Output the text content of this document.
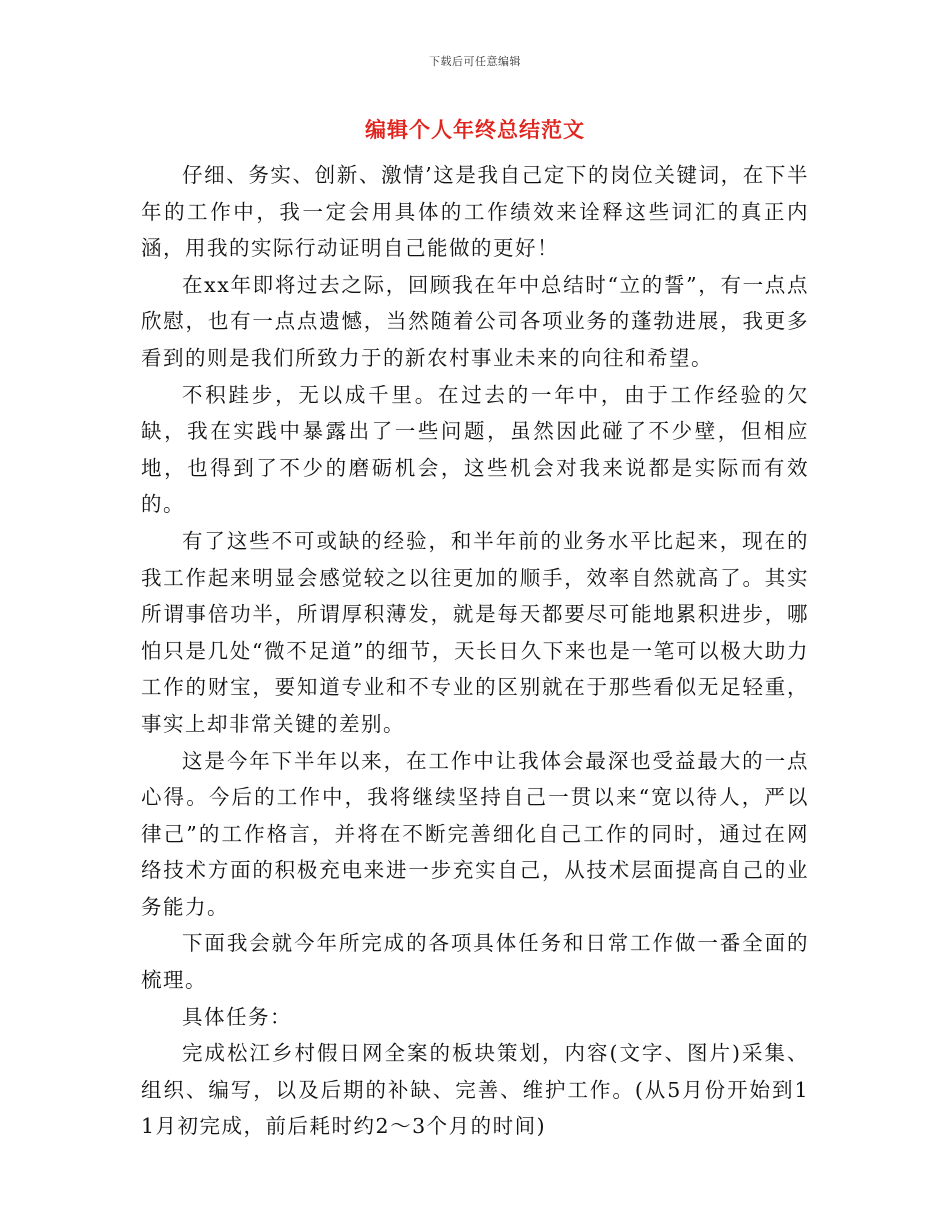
下载后可任意编辑
编辑个人年终总结范文

仔细、务实、创新、激情’这是我自己定下的岗位关键词，在下半年的工作中，我一定会用具体的工作绩效来诠释这些词汇的真正内涵，用我的实际行动证明自己能做的更好！

在xx年即将过去之际，回顾我在年中总结时“立的誓”，有一点点欣慰，也有一点点遗憾，当然随着公司各项业务的蓬勃进展，我更多看到的则是我们所致力于的新农村事业未来的向往和希望。

不积跬步，无以成千里。在过去的一年中，由于工作经验的欠缺，我在实践中暴露出了一些问题，虽然因此碰了不少壁，但相应地，也得到了不少的磨砺机会，这些机会对我来说都是实际而有效的。

有了这些不可或缺的经验，和半年前的业务水平比起来，现在的我工作起来明显会感觉较之以往更加的顺手，效率自然就高了。其实所谓事倍功半，所谓厚积薄发，就是每天都要尽可能地累积进步，哪怕只是几处“微不足道”的细节，天长日久下来也是一笔可以极大助力工作的财宝，要知道专业和不专业的区别就在于那些看似无足轻重，事实上却非常关键的差别。

这是今年下半年以来，在工作中让我体会最深也受益最大的一点心得。今后的工作中，我将继续坚持自己一贯以来“宽以待人，严以律己”的工作格言，并将在不断完善细化自己工作的同时，通过在网络技术方面的积极充电来进一步充实自己，从技术层面提高自己的业务能力。

下面我会就今年所完成的各项具体任务和日常工作做一番全面的梳理。

具体任务：

完成松江乡村假日网全案的板块策划，内容(文字、图片)采集、组织、编写，以及后期的补缺、完善、维护工作。(从5月份开始到11月初完成，前后耗时约2～3个月的时间)
